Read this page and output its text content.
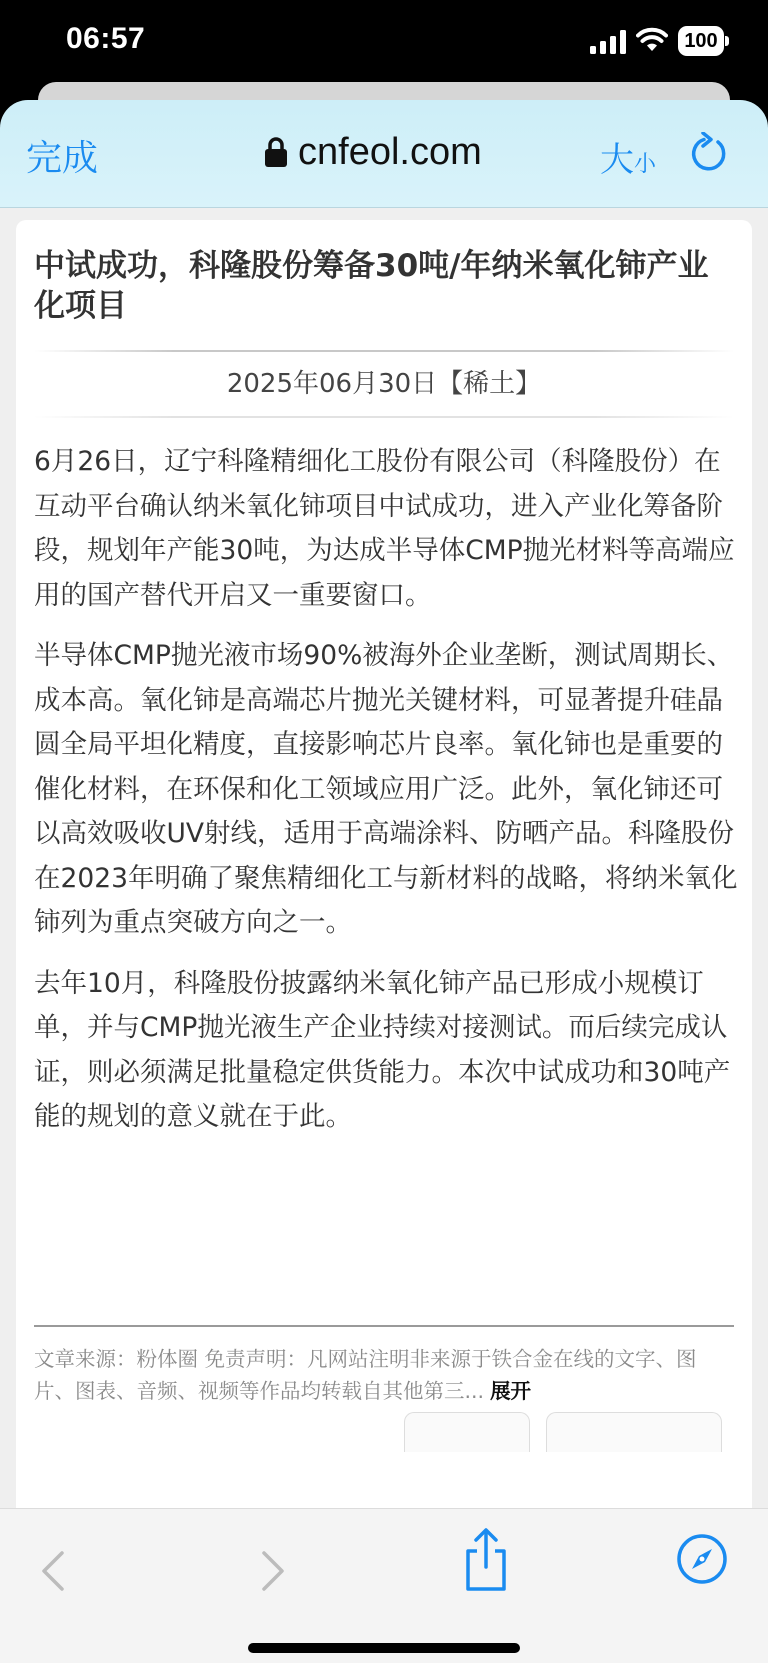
06:57	100
完成	cnfeol.com	大小
中试成功，科隆股份筹备30吨/年纳米氧化铈产业化项目
2025年06月30日【稀土】

6月26日，辽宁科隆精细化工股份有限公司（科隆股份）在互动平台确认纳米氧化铈项目中试成功，进入产业化筹备阶段，规划年产能30吨，为达成半导体CMP抛光材料等高端应用的国产替代开启又一重要窗口。

半导体CMP抛光液市场90%被海外企业垄断，测试周期长、成本高。氧化铈是高端芯片抛光关键材料，可显著提升硅晶圆全局平坦化精度，直接影响芯片良率。氧化铈也是重要的催化材料，在环保和化工领域应用广泛。此外，氧化铈还可以高效吸收UV射线，适用于高端涂料、防晒产品。科隆股份在2023年明确了聚焦精细化工与新材料的战略，将纳米氧化铈列为重点突破方向之一。

去年10月，科隆股份披露纳米氧化铈产品已形成小规模订单，并与CMP抛光液生产企业持续对接测试。而后续完成认证，则必须满足批量稳定供货能力。本次中试成功和30吨产能的规划的意义就在于此。

文章来源：粉体圈 免责声明：凡网站注明非来源于铁合金在线的文字、图片、图表、音频、视频等作品均转载自其他第三... 展开
